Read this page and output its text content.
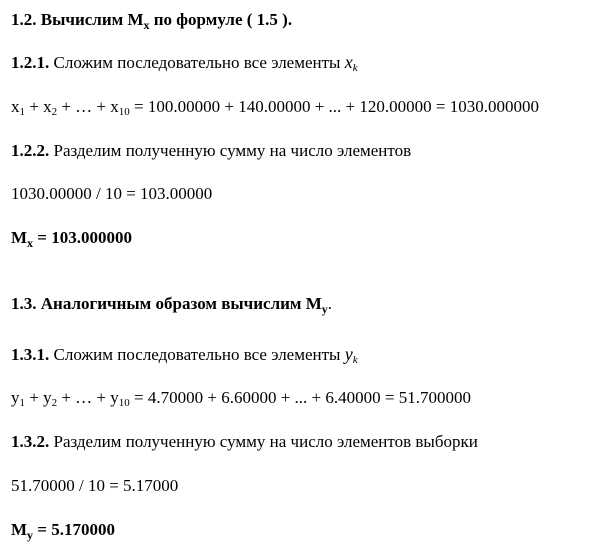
1.2. Вычислим $M_x$ по формуле ( 1.5 ).
1.2.1. Сложим последовательно все элементы $x_k$
$x_1 + x_2$ + … + $x_{10} = 100.00000 + 140.00000$ + ... + 120.00000 = 1030.000000
1.2.2. Разделим полученную сумму на число элементов
1030.00000 / 10 = 103.00000
$M_x = 103.000000$
1.3. Аналогичным образом вычислим $M_y$.
1.3.1. Сложим последовательно все элементы $y_k$
$y_1 + y_2$ + … + $y_{10} = 4.70000 + 6.60000$ + ... + 6.40000 = 51.700000
1.3.2. Разделим полученную сумму на число элементов выборки
51.70000 / 10 = 5.17000
$M_y = 5.170000$
